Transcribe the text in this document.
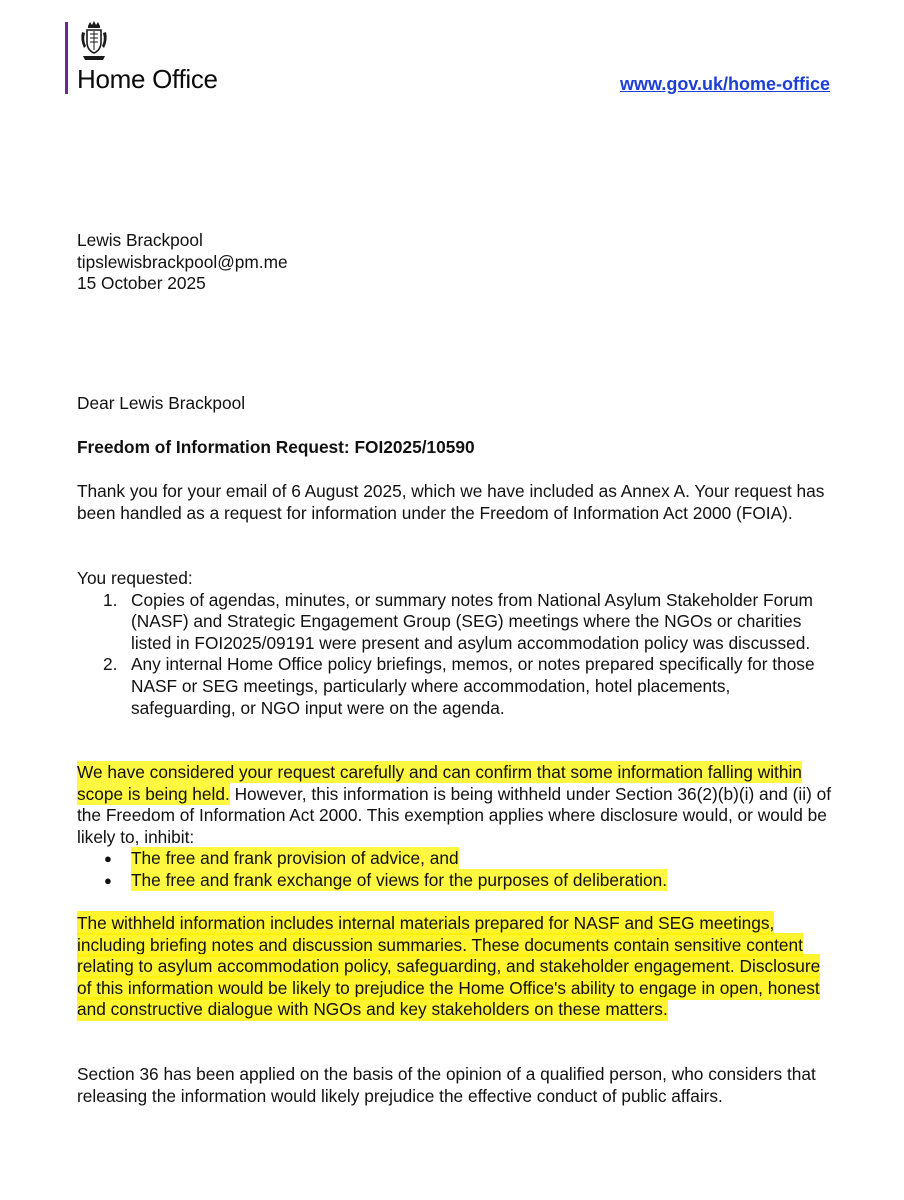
Home Office	www.gov.uk/home-office

Lewis Brackpool

tipslewisbrackpool@pm.me

15 October 2025

Dear Lewis Brackpool
Freedom of Information Request: FOI2025/10590
Thank you for your email of 6 August 2025, which we have included as Annex A. Your request has been handled as a request for information under the Freedom of Information Act 2000 (FOIA).

You requested:

1. Copies of agendas, minutes, or summary notes from National Asylum Stakeholder Forum (NASF) and Strategic Engagement Group (SEG) meetings where the NGOs or charities listed in FOI2025/09191 were present and asylum accommodation policy was discussed.
2. Any internal Home Office policy briefings, memos, or notes prepared specifically for those NASF or SEG meetings, particularly where accommodation, hotel placements, safeguarding, or NGO input were on the agenda.

We have considered your request carefully and can confirm that some information falling within scope is being held. However, this information is being withheld under Section 36(2)(b)(i) and (ii) of the Freedom of Information Act 2000. This exemption applies where disclosure would, or would be likely to, inhibit:

● The free and frank provision of advice, and
● The free and frank exchange of views for the purposes of deliberation.
The withheld information includes internal materials prepared for NASF and SEG meetings, including briefing notes and discussion summaries. These documents contain sensitive content relating to asylum accommodation policy, safeguarding, and stakeholder engagement. Disclosure of this information would be likely to prejudice the Home Office's ability to engage in open, honest and constructive dialogue with NGOs and key stakeholders on these matters.
Section 36 has been applied on the basis of the opinion of a qualified person, who considers that releasing the information would likely prejudice the effective conduct of public affairs.
